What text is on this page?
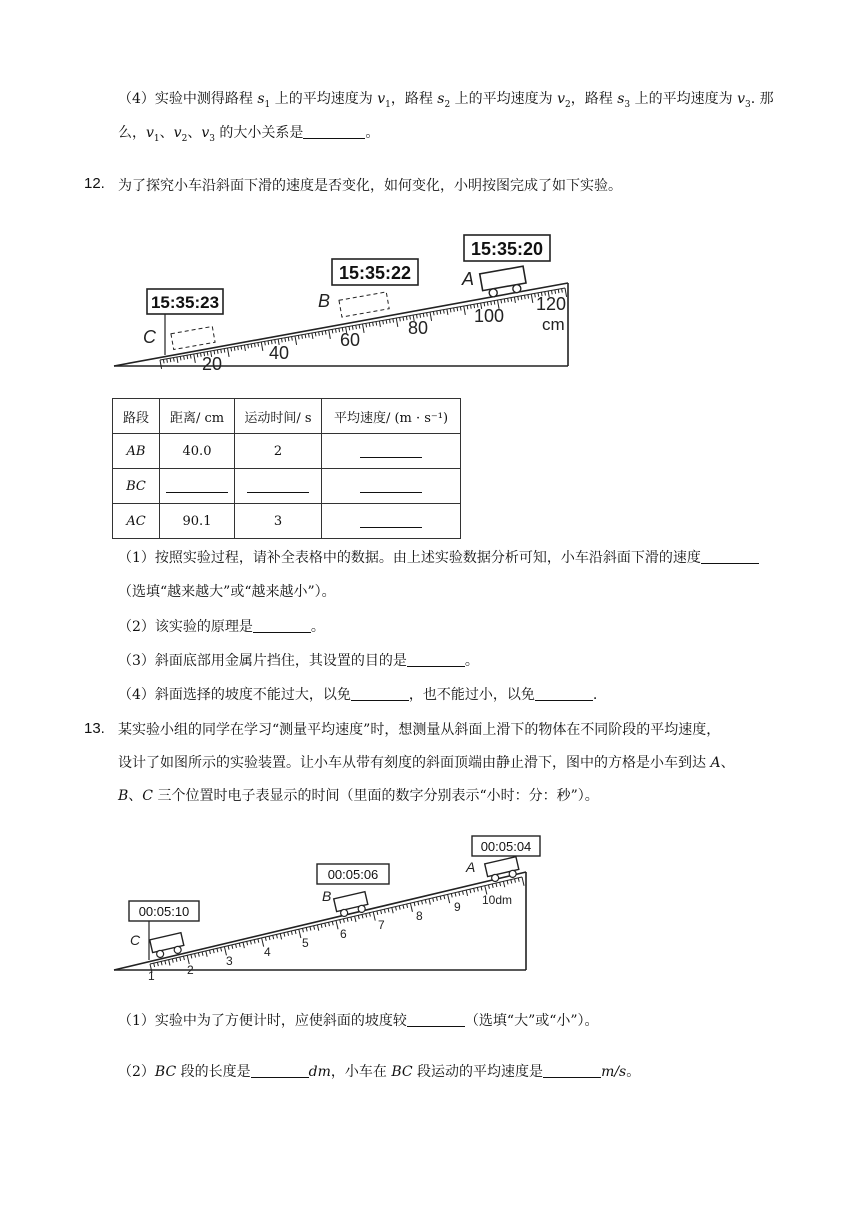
（4）实验中测得路程 $s_1$ 上的平均速度为 $v_1$，路程 $s_2$ 上的平均速度为 $v_2$，路程 $s_3$ 上的平均速度为 $v_3$. 那
么，$v_1$、$v_2$、$v_3$ 的大小关系是	。
12. 为了探究小车沿斜面下滑的速度是否变化，如何变化，小明按图完成了如下实验。
20
40
60
80
100
120
cm
15:35:23
C
15:35:22
B
15:35:20
A
路段	距离/ cm	运动时间/ s	平均速度/ (m · s⁻¹)
AB	40.0	2	
BC			
AC	90.1	3	
（1）按照实验过程，请补全表格中的数据。由上述实验数据分析可知，小车沿斜面下滑的速度
（选填“越来越大”或“越来越小”）。
（2）该实验的原理是	。
（3）斜面底部用金属片挡住，其设置的目的是	。
（4）斜面选择的坡度不能过大，以免	，也不能过小，以免	.
13. 某实验小组的同学在学习“测量平均速度”时，想测量从斜面上滑下的物体在不同阶段的平均速度，
设计了如图所示的实验装置。让小车从带有刻度的斜面顶端由静止滑下，图中的方格是小车到达 A、
B、C 三个位置时电子表显示的时间（里面的数字分别表示“小时：分：秒”）。
1	2
3
4
5
6
7
8
9 10dm
00:05:10
C
00:05:06
B
00:05:04
A
（1）实验中为了方便计时，应使斜面的坡度较	（选填“大”或“小”）。
（2）BC 段的长度是	dm，小车在 BC 段运动的平均速度是	m/s。
